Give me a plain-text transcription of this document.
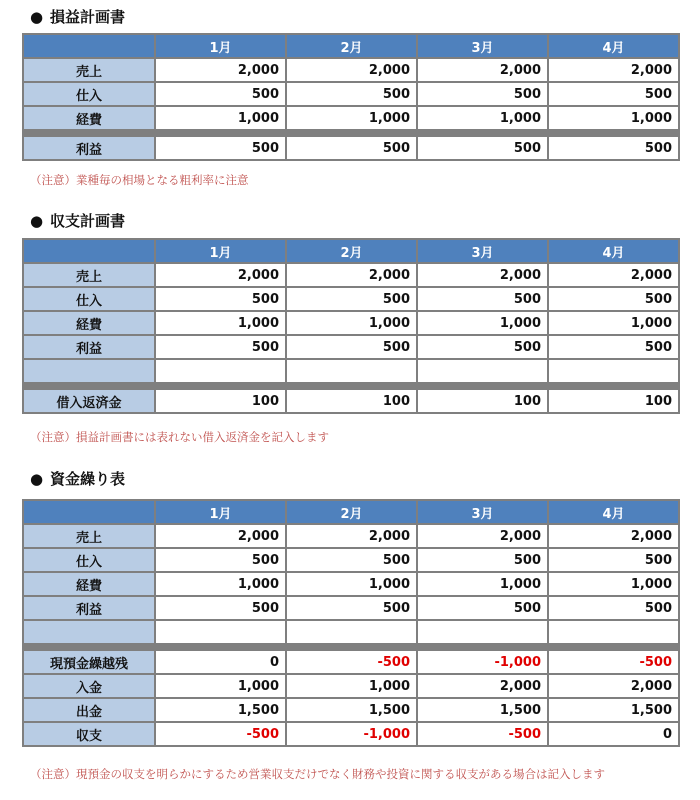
● 損益計画書
	1月	2月	3月	4月
売上	2,000	2,000	2,000	2,000
仕入	500	500	500	500
経費	1,000	1,000	1,000	1,000

利益	500	500	500	500
（注意）業種毎の相場となる粗利率に注意
● 収支計画書
	1月	2月	3月	4月
売上	2,000	2,000	2,000	2,000
仕入	500	500	500	500
経費	1,000	1,000	1,000	1,000
利益	500	500	500	500

借入返済金	100	100	100	100
（注意）損益計画書には表れない借入返済金を記入します
● 資金繰り表
	1月	2月	3月	4月
売上	2,000	2,000	2,000	2,000
仕入	500	500	500	500
経費	1,000	1,000	1,000	1,000
利益	500	500	500	500

現預金繰越残	0	-500	-1,000	-500
入金	1,000	1,000	2,000	2,000
出金	1,500	1,500	1,500	1,500
収支	-500	-1,000	-500	0
（注意）現預金の収支を明らかにするため営業収支だけでなく財務や投資に関する収支がある場合は記入します
